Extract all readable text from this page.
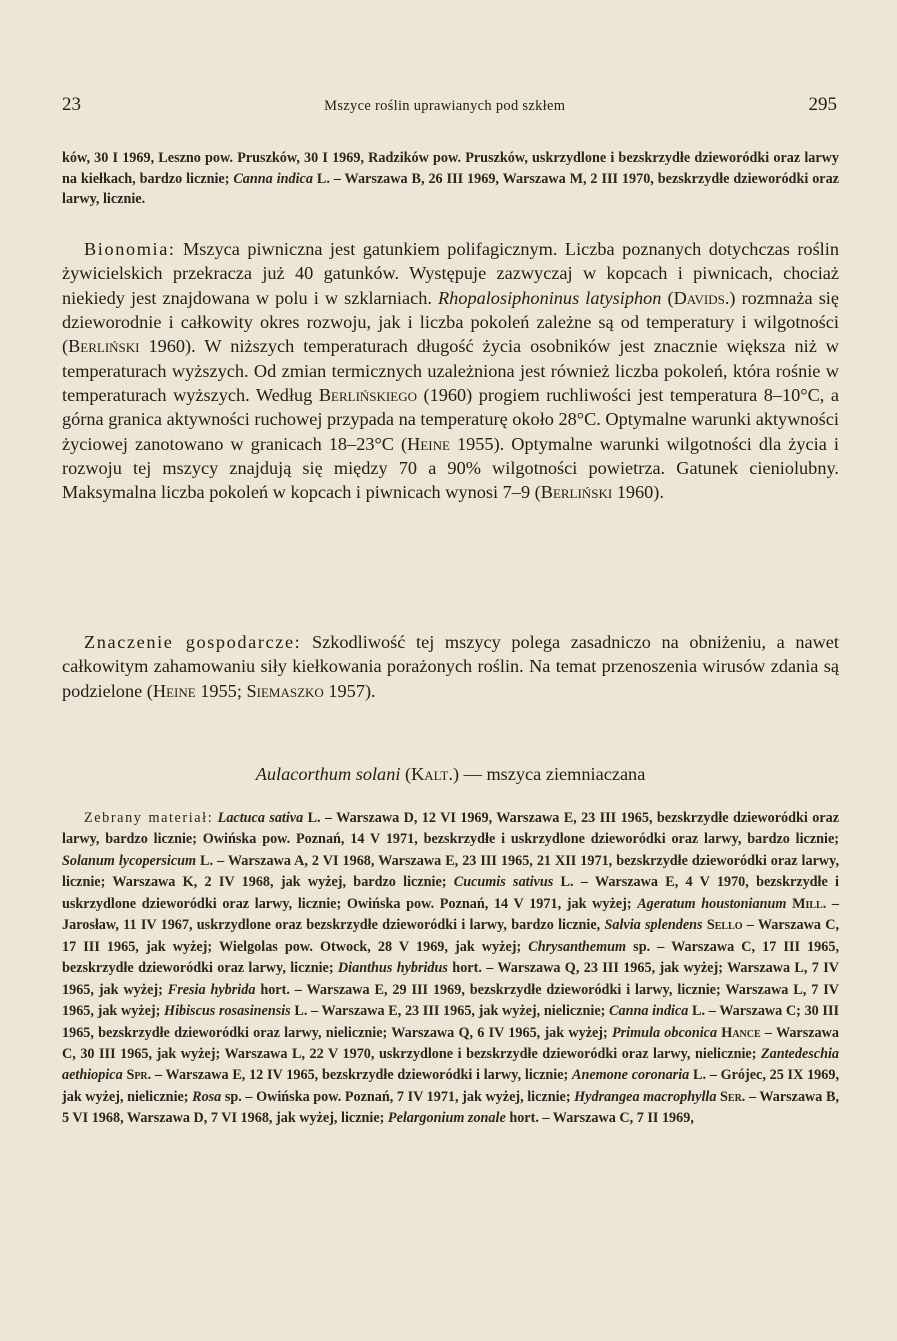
23	Mszyce roślin uprawianych pod szkłem	295

ków, 30 I 1969, Leszno pow. Pruszków, 30 I 1969, Radzików pow. Pruszków, uskrzydlone i bezskrzydłe dzieworódki oraz larwy na kiełkach, bardzo licznie; Canna indica L. – Warszawa B, 26 III 1969, Warszawa M, 2 III 1970, bezskrzydłe dzieworódki oraz larwy, licznie.

Bionomia: Mszyca piwniczna jest gatunkiem polifagicznym. Liczba poznanych dotychczas roślin żywicielskich przekracza już 40 gatunków. Występuje zazwyczaj w kopcach i piwnicach, chociaż niekiedy jest znajdowana w polu i w szklarniach. Rhopalosiphoninus latysiphon (Davids.) rozmnaża się dzieworodnie i całkowity okres rozwoju, jak i liczba pokoleń zależne są od temperatury i wilgotności (Berliński 1960). W niższych temperaturach długość życia osobników jest znacznie większa niż w temperaturach wyższych. Od zmian termicznych uzależniona jest również liczba pokoleń, która rośnie w temperaturach wyższych. Według Berlińskiego (1960) progiem ruchliwości jest temperatura 8–10°C, a górna granica aktywności ruchowej przypada na temperaturę około 28°C. Optymalne warunki aktywności życiowej zanotowano w granicach 18–23°C (Heine 1955). Optymalne warunki wilgotności dla życia i rozwoju tej mszycy znajdują się między 70 a 90% wilgotności powietrza. Gatunek cieniolubny. Maksymalna liczba pokoleń w kopcach i piwnicach wynosi 7–9 (Berliński 1960).

Znaczenie gospodarcze: Szkodliwość tej mszycy polega zasadniczo na obniżeniu, a nawet całkowitym zahamowaniu siły kiełkowania porażonych roślin. Na temat przenoszenia wirusów zdania są podzielone (Heine 1955; Siemaszko 1957).

Aulacorthum solani (Kalt.) — mszyca ziemniaczana

Zebrany materiał: Lactuca sativa L. – Warszawa D, 12 VI 1969, Warszawa E, 23 III 1965, bezskrzydłe dzieworódki oraz larwy, bardzo licznie; Owińska pow. Poznań, 14 V 1971, bezskrzydłe i uskrzydlone dzieworódki oraz larwy, bardzo licznie; Solanum lycopersicum L. – Warszawa A, 2 VI 1968, Warszawa E, 23 III 1965, 21 XII 1971, bezskrzydłe dzieworódki oraz larwy, licznie; Warszawa K, 2 IV 1968, jak wyżej, bardzo licznie; Cucumis sativus L. – Warszawa E, 4 V 1970, bezskrzydłe i uskrzydlone dzieworódki oraz larwy, licznie; Owińska pow. Poznań, 14 V 1971, jak wyżej; Ageratum houstonianum Mill. – Jarosław, 11 IV 1967, uskrzydlone oraz bezskrzydłe dzieworódki i larwy, bardzo licznie, Salvia splendens Sello – Warszawa C, 17 III 1965, jak wyżej; Wielgolas pow. Otwock, 28 V 1969, jak wyżej; Chrysanthemum sp. – Warszawa C, 17 III 1965, bezskrzydłe dzieworódki oraz larwy, licznie; Dianthus hybridus hort. – Warszawa Q, 23 III 1965, jak wyżej; Warszawa L, 7 IV 1965, jak wyżej; Fresia hybrida hort. – Warszawa E, 29 III 1969, bezskrzydłe dzieworódki i larwy, licznie; Warszawa L, 7 IV 1965, jak wyżej; Hibiscus rosasinensis L. – Warszawa E, 23 III 1965, jak wyżej, nielicznie; Canna indica L. – Warszawa C; 30 III 1965, bezskrzydłe dzieworódki oraz larwy, nielicznie; Warszawa Q, 6 IV 1965, jak wyżej; Primula obconica Hance – Warszawa C, 30 III 1965, jak wyżej; Warszawa L, 22 V 1970, uskrzydlone i bezskrzydłe dzieworódki oraz larwy, nielicznie; Zantedeschia aethiopica Spr. – Warszawa E, 12 IV 1965, bezskrzydłe dzieworódki i larwy, licznie; Anemone coronaria L. – Grójec, 25 IX 1969, jak wyżej, nielicznie; Rosa sp. – Owińska pow. Poznań, 7 IV 1971, jak wyżej, licznie; Hydrangea macrophylla Ser. – Warszawa B, 5 VI 1968, Warszawa D, 7 VI 1968, jak wyżej, licznie; Pelargonium zonale hort. – Warszawa C, 7 II 1969,
